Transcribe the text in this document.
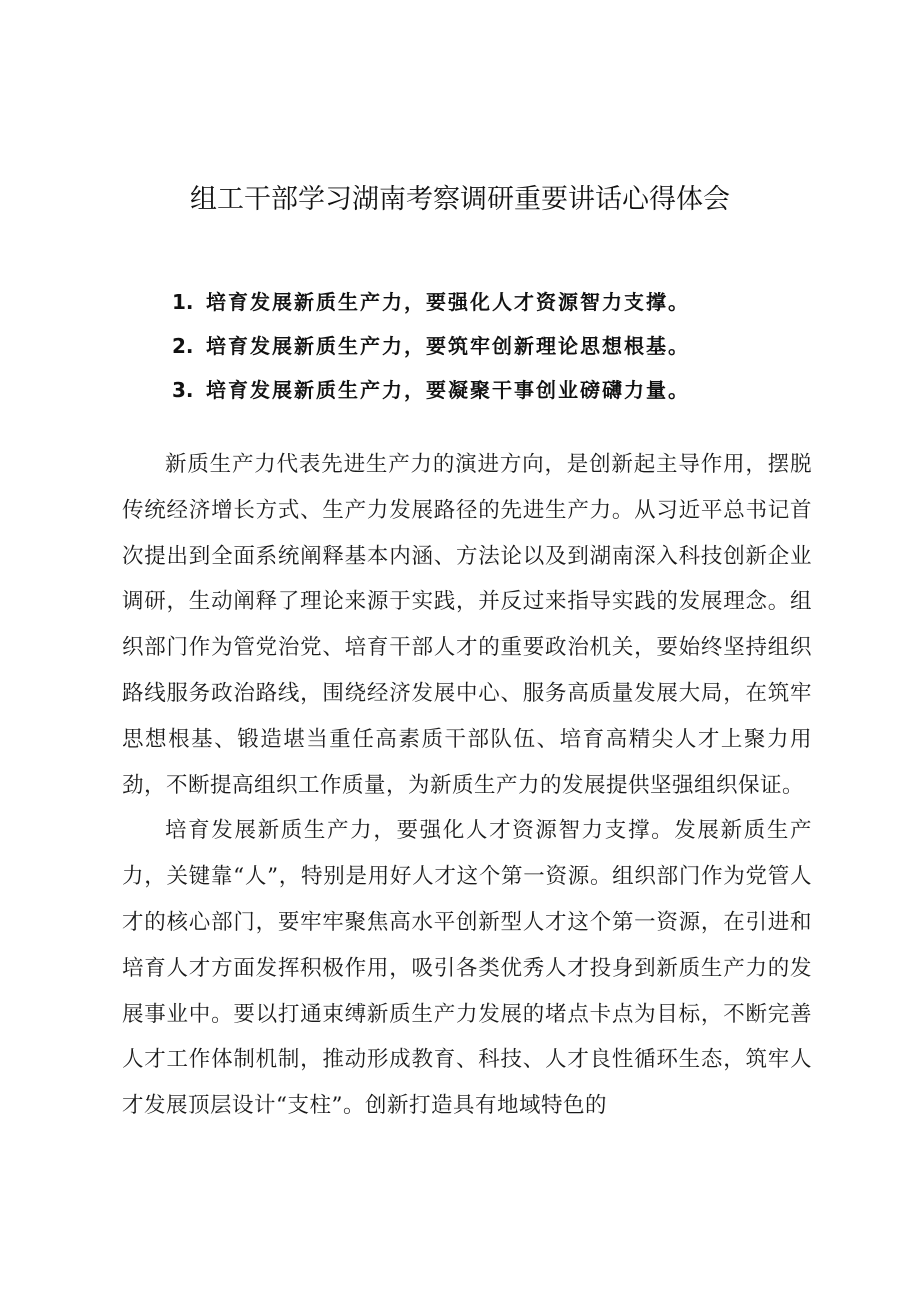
组工干部学习湖南考察调研重要讲话心得体会
1. 培育发展新质生产力，要强化人才资源智力支撑。
2. 培育发展新质生产力，要筑牢创新理论思想根基。
3. 培育发展新质生产力，要凝聚干事创业磅礴力量。

新质生产力代表先进生产力的演进方向，是创新起主导作用，摆脱传统经济增长方式、生产力发展路径的先进生产力。从习近平总书记首次提出到全面系统阐释基本内涵、方法论以及到湖南深入科技创新企业调研，生动阐释了理论来源于实践，并反过来指导实践的发展理念。组织部门作为管党治党、培育干部人才的重要政治机关，要始终坚持组织路线服务政治路线，围绕经济发展中心、服务高质量发展大局，在筑牢思想根基、锻造堪当重任高素质干部队伍、培育高精尖人才上聚力用劲，不断提高组织工作质量，为新质生产力的发展提供坚强组织保证。

培育发展新质生产力，要强化人才资源智力支撑。发展新质生产力，关键靠“人”，特别是用好人才这个第一资源。组织部门作为党管人才的核心部门，要牢牢聚焦高水平创新型人才这个第一资源，在引进和培育人才方面发挥积极作用，吸引各类优秀人才投身到新质生产力的发展事业中。要以打通束缚新质生产力发展的堵点卡点为目标，不断完善人才工作体制机制，推动形成教育、科技、人才良性循环生态，筑牢人才发展顶层设计“支柱”。创新打造具有地域特色的
